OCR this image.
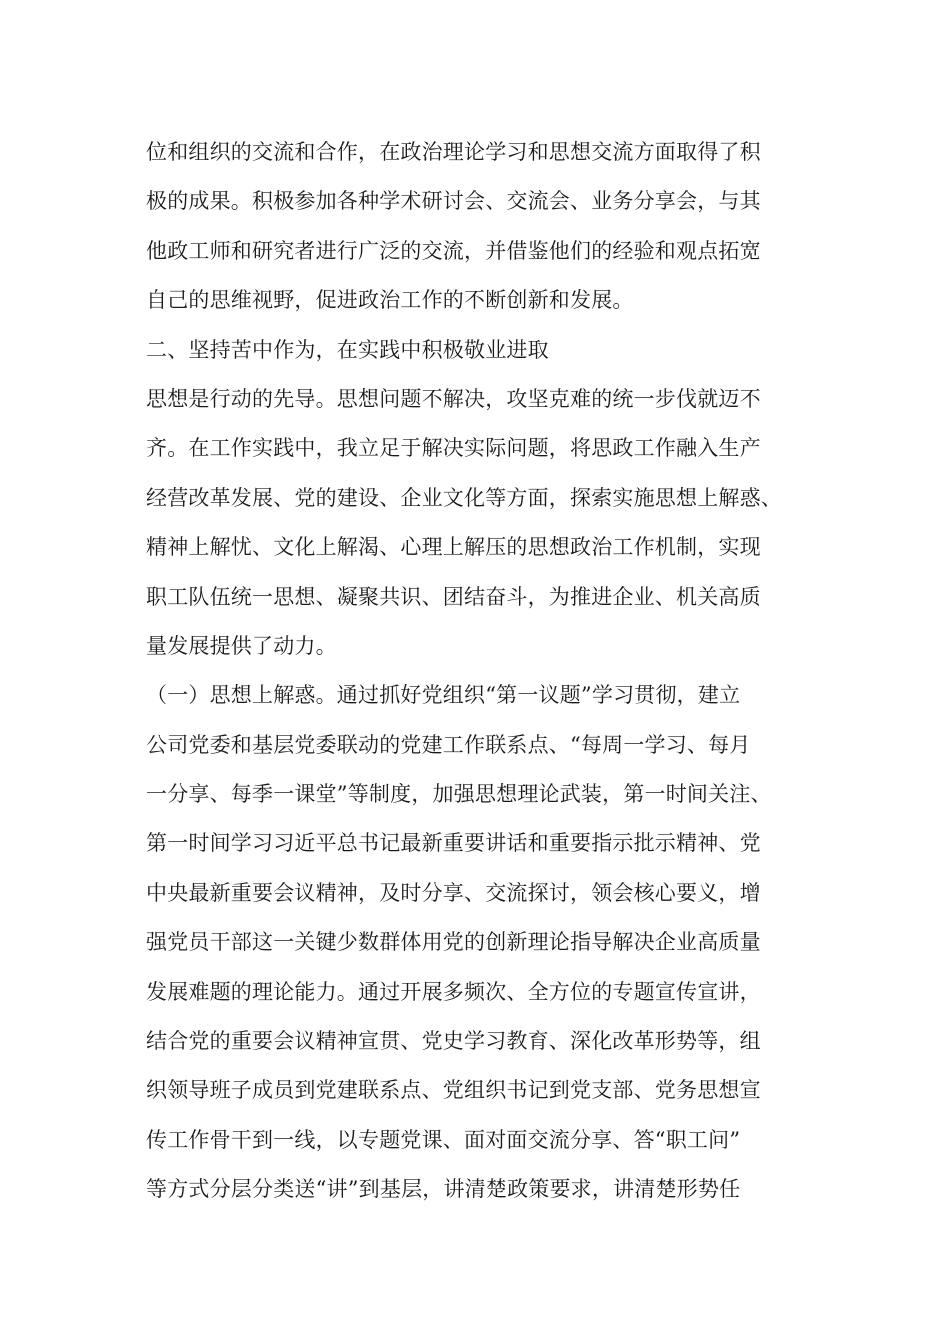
位和组织的交流和合作，在政治理论学习和思想交流方面取得了积
极的成果。积极参加各种学术研讨会、交流会、业务分享会，与其
他政工师和研究者进行广泛的交流，并借鉴他们的经验和观点拓宽
自己的思维视野，促进政治工作的不断创新和发展。
二、坚持苦中作为，在实践中积极敬业进取
思想是行动的先导。思想问题不解决，攻坚克难的统一步伐就迈不
齐。在工作实践中，我立足于解决实际问题，将思政工作融入生产
经营改革发展、党的建设、企业文化等方面，探索实施思想上解惑、
精神上解忧、文化上解渴、心理上解压的思想政治工作机制，实现
职工队伍统一思想、凝聚共识、团结奋斗，为推进企业、机关高质
量发展提供了动力。
（一）思想上解惑。通过抓好党组织“第一议题”学习贯彻，建立
公司党委和基层党委联动的党建工作联系点、“每周一学习、每月
一分享、每季一课堂”等制度，加强思想理论武装，第一时间关注、
第一时间学习习近平总书记最新重要讲话和重要指示批示精神、党
中央最新重要会议精神，及时分享、交流探讨，领会核心要义，增
强党员干部这一关键少数群体用党的创新理论指导解决企业高质量
发展难题的理论能力。通过开展多频次、全方位的专题宣传宣讲，
结合党的重要会议精神宣贯、党史学习教育、深化改革形势等，组
织领导班子成员到党建联系点、党组织书记到党支部、党务思想宣
传工作骨干到一线，以专题党课、面对面交流分享、答“职工问”
等方式分层分类送“讲”到基层，讲清楚政策要求，讲清楚形势任
